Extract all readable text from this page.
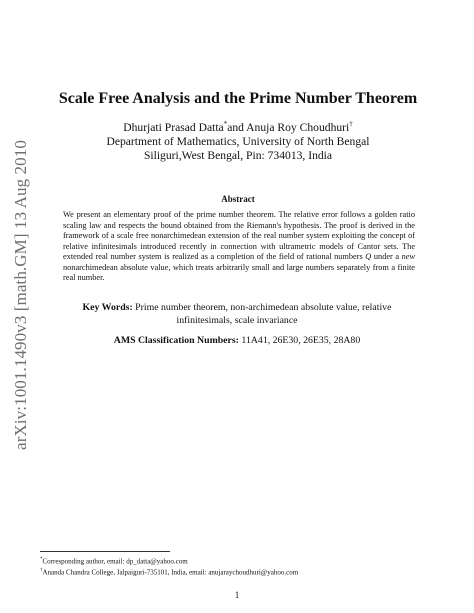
arXiv:1001.1490v3 [math.GM] 13 Aug 2010
Scale Free Analysis and the Prime Number Theorem
Dhurjati Prasad Datta*and Anuja Roy Choudhuri†
Department of Mathematics, University of North Bengal
Siliguri,West Bengal, Pin: 734013, India
Abstract

We present an elementary proof of the prime number theorem. The relative error follows a golden ratio scaling law and respects the bound obtained from the Riemann's hypothesis. The proof is derived in the framework of a scale free nonarchimedean extension of the real number system exploiting the concept of relative infinitesimals introduced recently in connection with ultrametric models of Cantor sets. The extended real number system is realized as a completion of the field of rational numbers Q under a new nonarchimedean absolute value, which treats arbitrarily small and large numbers separately from a finite real number.

Key Words: Prime number theorem, non-archimedean absolute value, relative infinitesimals, scale invariance
AMS Classification Numbers: 11A41, 26E30, 26E35, 28A80
*Corresponding author, email: dp_datta@yahoo.com
†Ananda Chandra College, Jalpaiguri-735101, India, email: anujaraychoudhuri@yahoo.com
1
